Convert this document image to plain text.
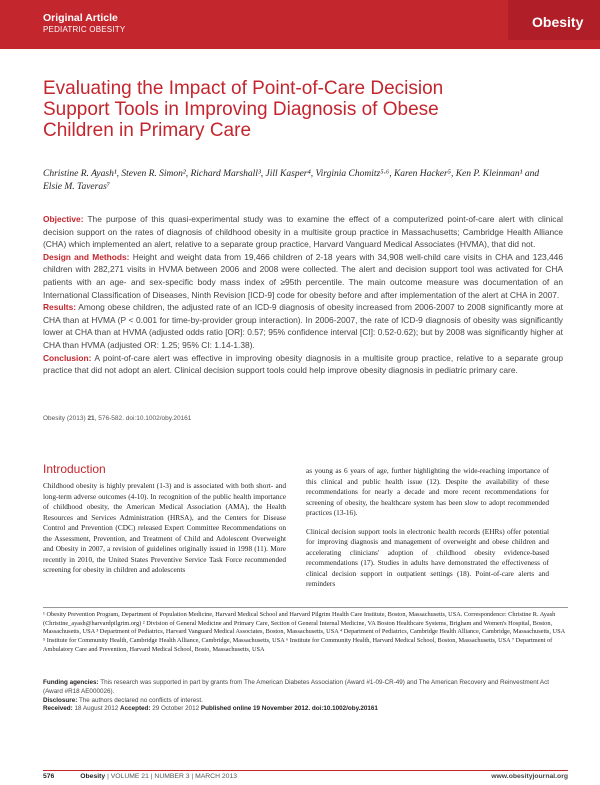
Original Article
PEDIATRIC OBESITY	Obesity
Evaluating the Impact of Point-of-Care Decision Support Tools in Improving Diagnosis of Obese Children in Primary Care

Christine R. Ayash¹, Steven R. Simon², Richard Marshall³, Jill Kasper⁴, Virginia Chomitz⁵·⁶, Karen Hacker⁵, Ken P. Kleinman¹ and Elsie M. Taveras⁷

Objective: The purpose of this quasi-experimental study was to examine the effect of a computerized point-of-care alert with clinical decision support on the rates of diagnosis of childhood obesity in a multisite group practice in Massachusetts; Cambridge Health Alliance (CHA) which implemented an alert, relative to a separate group practice, Harvard Vanguard Medical Associates (HVMA), that did not.

Design and Methods: Height and weight data from 19,466 children of 2-18 years with 34,908 well-child care visits in CHA and 123,446 children with 282,271 visits in HVMA between 2006 and 2008 were collected. The alert and decision support tool was activated for CHA patients with an age- and sex-specific body mass index of ≥95th percentile. The main outcome measure was documentation of an International Classification of Diseases, Ninth Revision [ICD-9] code for obesity before and after implementation of the alert at CHA in 2007.

Results: Among obese children, the adjusted rate of an ICD-9 diagnosis of obesity increased from 2006-2007 to 2008 significantly more at CHA than at HVMA (P < 0.001 for time-by-provider group interaction). In 2006-2007, the rate of ICD-9 diagnosis of obesity was significantly lower at CHA than at HVMA (adjusted odds ratio [OR]: 0.57; 95% confidence interval [CI]: 0.52-0.62); but by 2008 was significantly higher at CHA than HVMA (adjusted OR: 1.25; 95% CI: 1.14-1.38).

Conclusion: A point-of-care alert was effective in improving obesity diagnosis in a multisite group practice, relative to a separate group practice that did not adopt an alert. Clinical decision support tools could help improve obesity diagnosis in pediatric primary care.

Obesity (2013) 21, 576-582. doi:10.1002/oby.20161
Introduction

Childhood obesity is highly prevalent (1-3) and is associated with both short- and long-term adverse outcomes (4-10). In recognition of the public health importance of childhood obesity, the American Medical Association (AMA), the Health Resources and Services Administration (HRSA), and the Centers for Disease Control and Prevention (CDC) released Expert Committee Recommendations on the Assessment, Prevention, and Treatment of Child and Adolescent Overweight and Obesity in 2007, a revision of guidelines originally issued in 1998 (11). More recently in 2010, the United States Preventive Service Task Force recommended screening for obesity in children and adolescents

as young as 6 years of age, further highlighting the wide-reaching importance of this clinical and public health issue (12). Despite the availability of these recommendations for nearly a decade and more recent recommendations for screening of obesity, the healthcare system has been slow to adopt recommended practices (13-16).

Clinical decision support tools in electronic health records (EHRs) offer potential for improving diagnosis and management of overweight and obese children and accelerating clinicians' adoption of childhood obesity evidence-based recommendations (17). Studies in adults have demonstrated the effectiveness of clinical decision support in outpatient settings (18). Point-of-care alerts and reminders

¹ Obesity Prevention Program, Department of Population Medicine, Harvard Medical School and Harvard Pilgrim Health Care Institute, Boston, Massachusetts, USA. Correspondence: Christine R. Ayash (Christine_ayash@harvardpilgrim.org) ² Division of General Medicine and Primary Care, Section of General Internal Medicine, VA Boston Healthcare Systems, Brigham and Women's Hospital, Boston, Massachusetts, USA ³ Department of Pediatrics, Harvard Vanguard Medical Associates, Boston, Massachusetts, USA ⁴ Department of Pediatrics, Cambridge Health Alliance, Cambridge, Massachusetts, USA ⁵ Institute for Community Health, Cambridge Health Alliance, Cambridge, Massachusetts, USA ⁶ Institute for Community Health, Harvard Medical School, Boston, Massachusetts, USA ⁷ Department of Ambulatory Care and Prevention, Harvard Medical School, Bosto, Massachusetts, USA

Funding agencies: This research was supported in part by grants from The American Diabetes Association (Award #1-09-CR-49) and The American Recovery and Reinvestment Act (Award #R18 AE000026).

Disclosure: The authors declared no conflicts of interest.

Received: 18 August 2012 Accepted: 29 October 2012 Published online 19 November 2012. doi:10.1002/oby.20161

576	Obesity | VOLUME 21 | NUMBER 3 | MARCH 2013	www.obesityjournal.org
